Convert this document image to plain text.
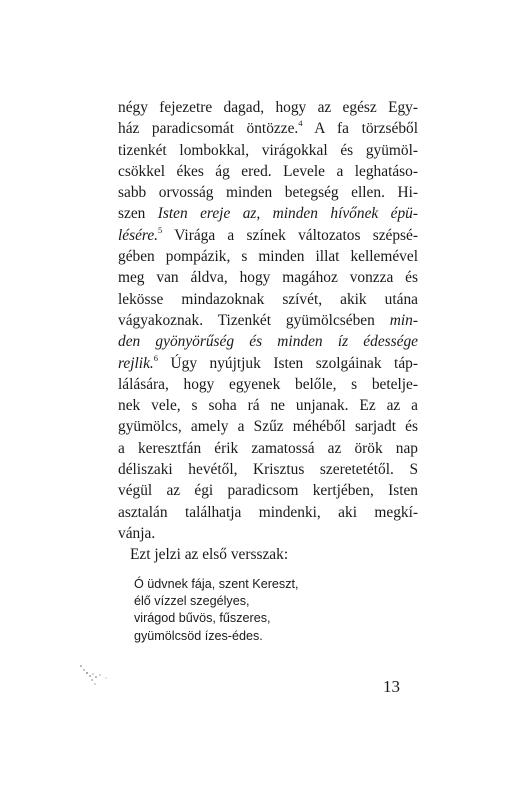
négy fejezetre dagad, hogy az egész Egy-
ház paradicsomát öntözze.$^4$ A fa törzséből
tizenkét lombokkal, virágokkal és gyümöl-
csökkel ékes ág ered. Levele a leghatáso-
sabb orvosság minden betegség ellen. Hi-
szen Isten ereje az, minden hívőnek épü-
lésére.$^5$ Virága a színek változatos szépsé-
gében pompázik, s minden illat kellemével
meg van áldva, hogy magához vonzza és
lekösse mindazoknak szívét, akik utána
vágyakoznak. Tizenkét gyümölcsében min-
den gyönyörűség és minden íz édessége
rejlik.$^6$ Úgy nyújtjuk Isten szolgáinak táp-
lálására, hogy egyenek belőle, s betelje-
nek vele, s soha rá ne unjanak. Ez az a
gyümölcs, amely a Szűz méhéből sarjadt és
a keresztfán érik zamatossá az örök nap
déliszaki hevétől, Krisztus szeretetétől. S
végül az égi paradicsom kertjében, Isten
asztalán találhatja mindenki, aki megkí-
vánja.
Ezt jelzi az első versszak:
Ó üdvnek fája, szent Kereszt,
élő vízzel szegélyes,
virágod bűvös, fűszeres,
gyümölcsöd ízes-édes.
13
